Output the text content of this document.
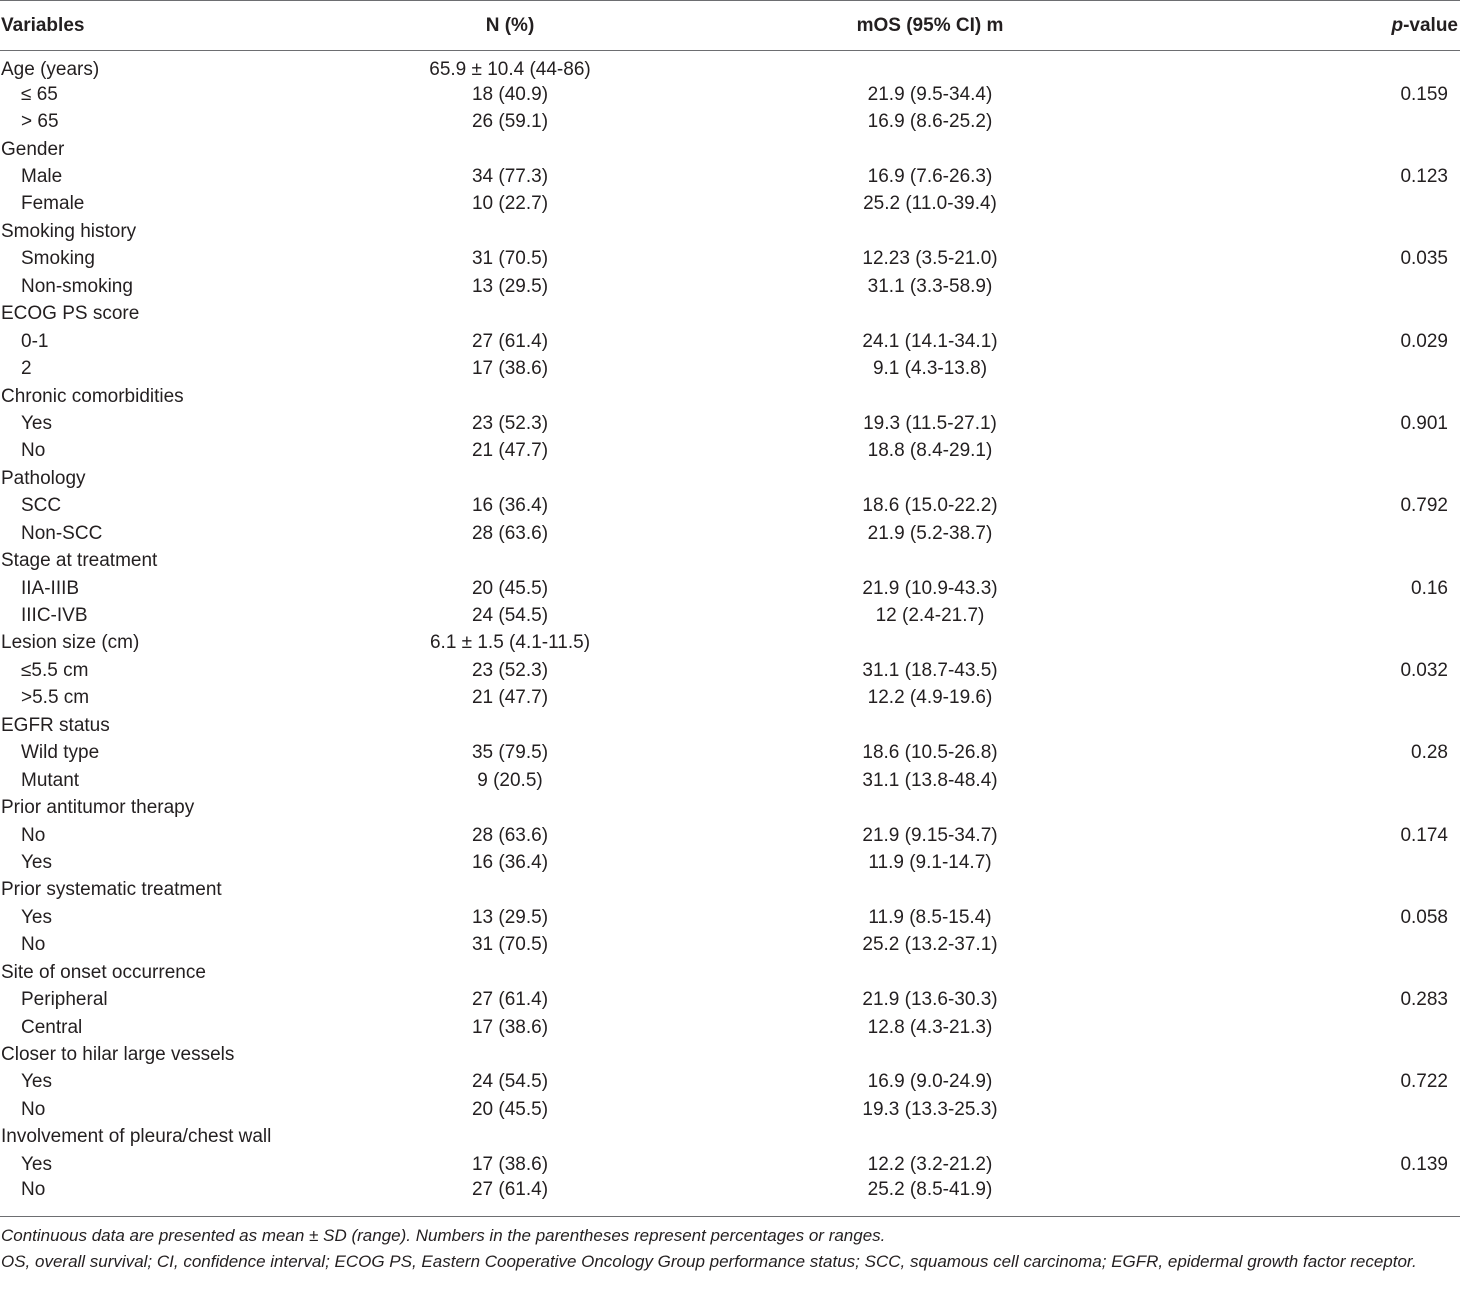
Variables	N (%)	mOS (95% CI) m	p-value
Age (years)	65.9 ± 10.4 (44-86)		
≤ 65	18 (40.9)	21.9 (9.5-34.4)	0.159
> 65	26 (59.1)	16.9 (8.6-25.2)	
Gender			
Male	34 (77.3)	16.9 (7.6-26.3)	0.123
Female	10 (22.7)	25.2 (11.0-39.4)	
Smoking history			
Smoking	31 (70.5)	12.23 (3.5-21.0)	0.035
Non-smoking	13 (29.5)	31.1 (3.3-58.9)	
ECOG PS score			
0-1	27 (61.4)	24.1 (14.1-34.1)	0.029
2	17 (38.6)	9.1 (4.3-13.8)	
Chronic comorbidities			
Yes	23 (52.3)	19.3 (11.5-27.1)	0.901
No	21 (47.7)	18.8 (8.4-29.1)	
Pathology			
SCC	16 (36.4)	18.6 (15.0-22.2)	0.792
Non-SCC	28 (63.6)	21.9 (5.2-38.7)	
Stage at treatment			
IIA-IIIB	20 (45.5)	21.9 (10.9-43.3)	0.16
IIIC-IVB	24 (54.5)	12 (2.4-21.7)	
Lesion size (cm)	6.1 ± 1.5 (4.1-11.5)		
≤5.5 cm	23 (52.3)	31.1 (18.7-43.5)	0.032
>5.5 cm	21 (47.7)	12.2 (4.9-19.6)	
EGFR status			
Wild type	35 (79.5)	18.6 (10.5-26.8)	0.28
Mutant	9 (20.5)	31.1 (13.8-48.4)	
Prior antitumor therapy			
No	28 (63.6)	21.9 (9.15-34.7)	0.174
Yes	16 (36.4)	11.9 (9.1-14.7)	
Prior systematic treatment			
Yes	13 (29.5)	11.9 (8.5-15.4)	0.058
No	31 (70.5)	25.2 (13.2-37.1)	
Site of onset occurrence			
Peripheral	27 (61.4)	21.9 (13.6-30.3)	0.283
Central	17 (38.6)	12.8 (4.3-21.3)	
Closer to hilar large vessels			
Yes	24 (54.5)	16.9 (9.0-24.9)	0.722
No	20 (45.5)	19.3 (13.3-25.3)	
Involvement of pleura/chest wall			
Yes	17 (38.6)	12.2 (3.2-21.2)	0.139
No	27 (61.4)	25.2 (8.5-41.9)	
Continuous data are presented as mean ± SD (range). Numbers in the parentheses represent percentages or ranges.
OS, overall survival; CI, confidence interval; ECOG PS, Eastern Cooperative Oncology Group performance status; SCC, squamous cell carcinoma; EGFR, epidermal growth factor receptor.
